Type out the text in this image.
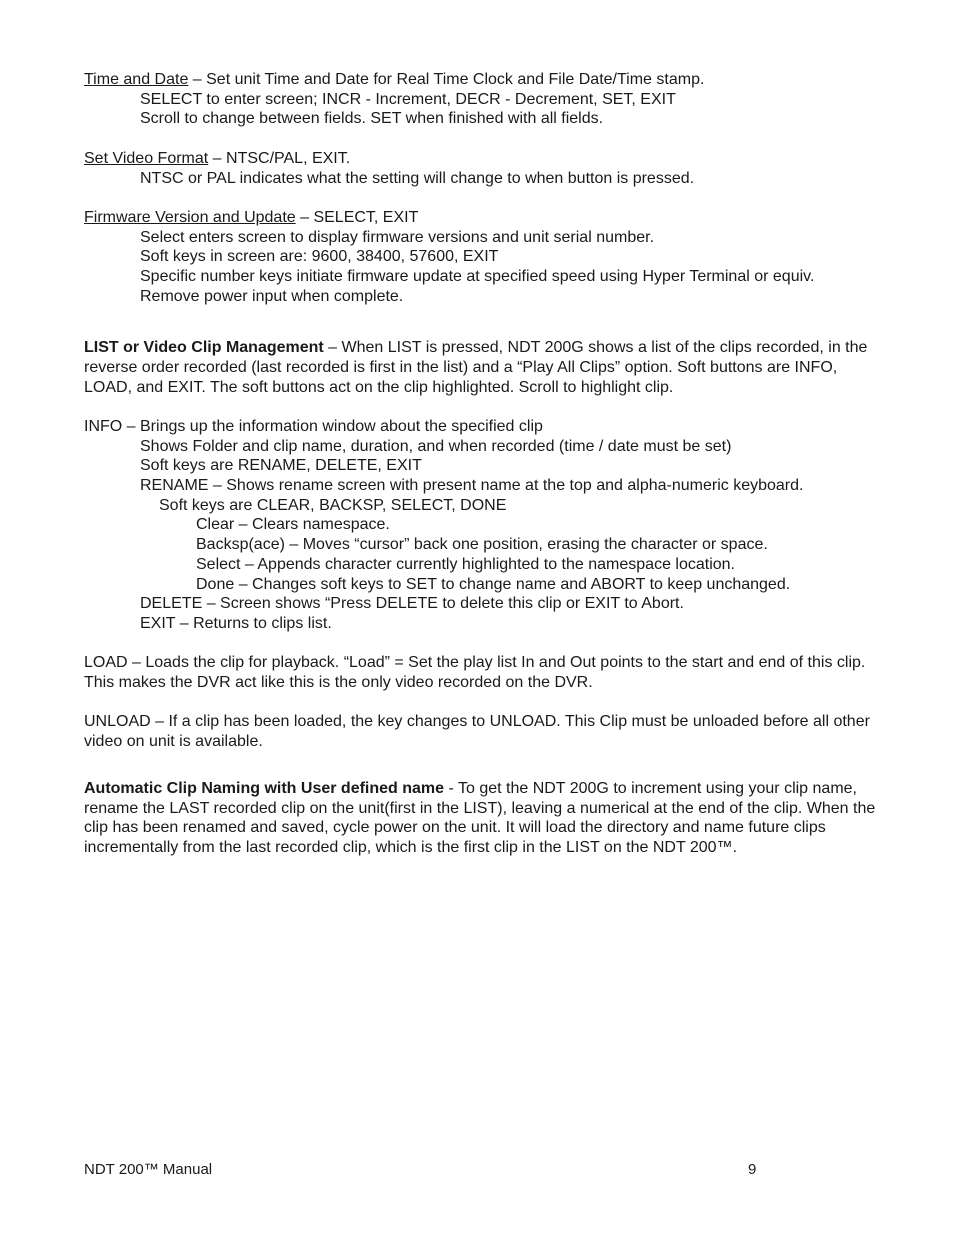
Time and Date – Set unit Time and Date for Real Time Clock and File Date/Time stamp.
SELECT to enter screen; INCR - Increment, DECR - Decrement, SET, EXIT
Scroll to change between fields. SET when finished with all fields.
Set Video Format – NTSC/PAL, EXIT.
NTSC or PAL indicates what the setting will change to when button is pressed.
Firmware Version and Update – SELECT, EXIT
Select enters screen to display firmware versions and unit serial number.
Soft keys in screen are: 9600, 38400, 57600, EXIT
Specific number keys initiate firmware update at specified speed using Hyper Terminal or equiv.
Remove power input when complete.
LIST or Video Clip Management – When LIST is pressed, NDT 200G shows a list of the clips recorded, in the reverse order recorded (last recorded is first in the list) and a “Play All Clips” option. Soft buttons are INFO, LOAD, and EXIT. The soft buttons act on the clip highlighted. Scroll to highlight clip.
INFO – Brings up the information window about the specified clip
Shows Folder and clip name, duration, and when recorded (time / date must be set)
Soft keys are RENAME, DELETE, EXIT
RENAME – Shows rename screen with present name at the top and alpha-numeric keyboard.
Soft keys are CLEAR, BACKSP, SELECT, DONE
Clear – Clears namespace.
Backsp(ace) – Moves “cursor” back one position, erasing the character or space.
Select – Appends character currently highlighted to the namespace location.
Done – Changes soft keys to SET to change name and ABORT to keep unchanged.
DELETE – Screen shows “Press DELETE to delete this clip or EXIT to Abort.
EXIT – Returns to clips list.
LOAD – Loads the clip for playback. “Load” = Set the play list In and Out points to the start and end of this clip. This makes the DVR act like this is the only video recorded on the DVR.
UNLOAD – If a clip has been loaded, the key changes to UNLOAD. This Clip must be unloaded before all other video on unit is available.
Automatic Clip Naming with User defined name - To get the NDT 200G to increment using your clip name, rename the LAST recorded clip on the unit(first in the LIST), leaving a numerical at the end of the clip. When the clip has been renamed and saved, cycle power on the unit. It will load the directory and name future clips incrementally from the last recorded clip, which is the first clip in the LIST on the NDT 200™.
NDT 200™ Manual	9
